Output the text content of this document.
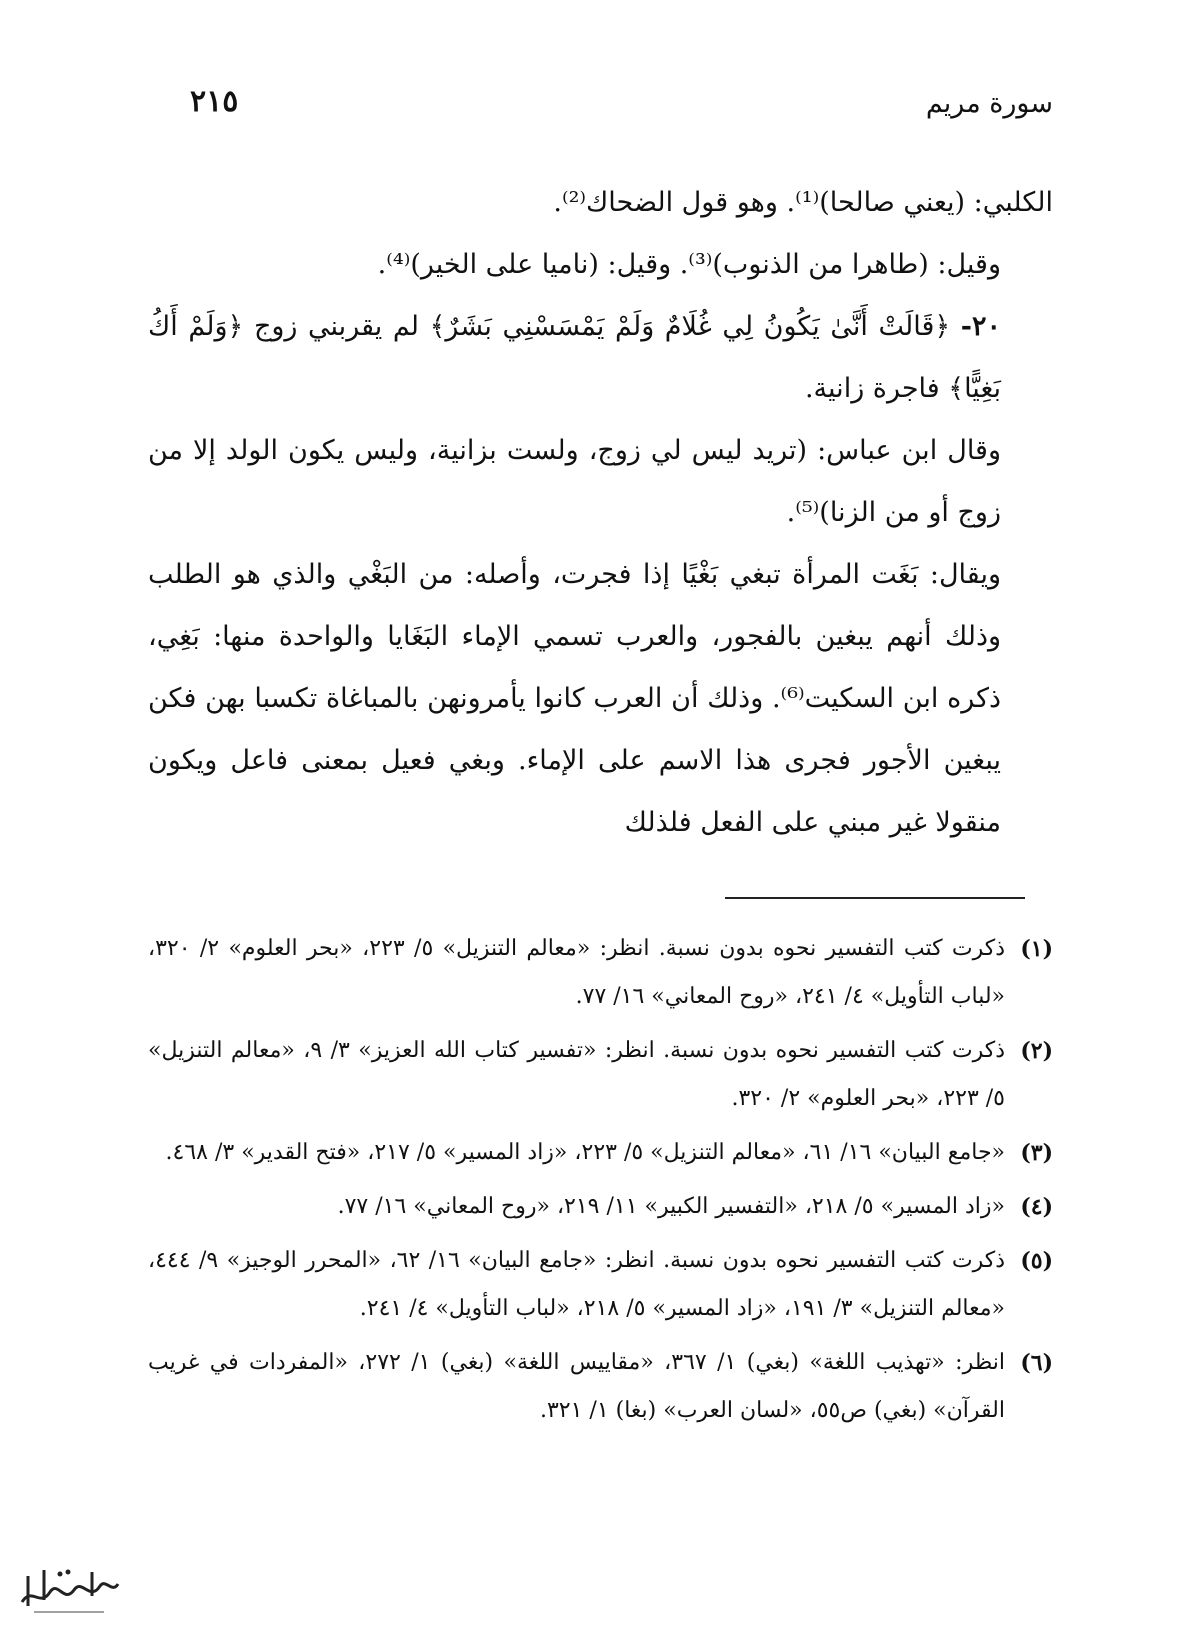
سورة مريم
٢١٥

الكلبي: (يعني صالحا)⁽¹⁾. وهو قول الضحاك⁽²⁾.

وقيل: (طاهرا من الذنوب)⁽³⁾. وقيل: (ناميا على الخير)⁽⁴⁾.

٢٠- ﴿قَالَتْ أَنَّىٰ يَكُونُ لِي غُلَامٌ وَلَمْ يَمْسَسْنِي بَشَرٌ﴾ لم يقربني زوج ﴿وَلَمْ أَكُ بَغِيًّا﴾ فاجرة زانية.

وقال ابن عباس: (تريد ليس لي زوج، ولست بزانية، وليس يكون الولد إلا من زوج أو من الزنا)⁽⁵⁾.

ويقال: بَغَت المرأة تبغي بَغْيًا إذا فجرت، وأصله: من البَغْي والذي هو الطلب وذلك أنهم يبغين بالفجور، والعرب تسمي الإماء البَغَايا والواحدة منها: بَغِي، ذكره ابن السكيت⁽⁶⁾. وذلك أن العرب كانوا يأمرونهن بالمباغاة تكسبا بهن فكن يبغين الأجور فجرى هذا الاسم على الإماء. وبغي فعيل بمعنى فاعل ويكون منقولا غير مبني على الفعل فلذلك

(١)
ذكرت كتب التفسير نحوه بدون نسبة. انظر: «معالم التنزيل» ٥/ ٢٢٣، «بحر العلوم» ٢/ ٣٢٠، «لباب التأويل» ٤/ ٢٤١، «روح المعاني» ١٦/ ٧٧.
(٢)
ذكرت كتب التفسير نحوه بدون نسبة. انظر: «تفسير كتاب الله العزيز» ٣/ ٩، «معالم التنزيل» ٥/ ٢٢٣، «بحر العلوم» ٢/ ٣٢٠.
(٣)
«جامع البيان» ١٦/ ٦١، «معالم التنزيل» ٥/ ٢٢٣، «زاد المسير» ٥/ ٢١٧، «فتح القدير» ٣/ ٤٦٨.
(٤)
«زاد المسير» ٥/ ٢١٨، «التفسير الكبير» ١١/ ٢١٩، «روح المعاني» ١٦/ ٧٧.
(٥)
ذكرت كتب التفسير نحوه بدون نسبة. انظر: «جامع البيان» ١٦/ ٦٢، «المحرر الوجيز» ٩/ ٤٤٤، «معالم التنزيل» ٣/ ١٩١، «زاد المسير» ٥/ ٢١٨، «لباب التأويل» ٤/ ٢٤١.
(٦)
انظر: «تهذيب اللغة» (بغي) ١/ ٣٦٧، «مقاييس اللغة» (بغي) ١/ ٢٧٢، «المفردات في غريب القرآن» (بغي) ص٥٥، «لسان العرب» (بغا) ١/ ٣٢١.
